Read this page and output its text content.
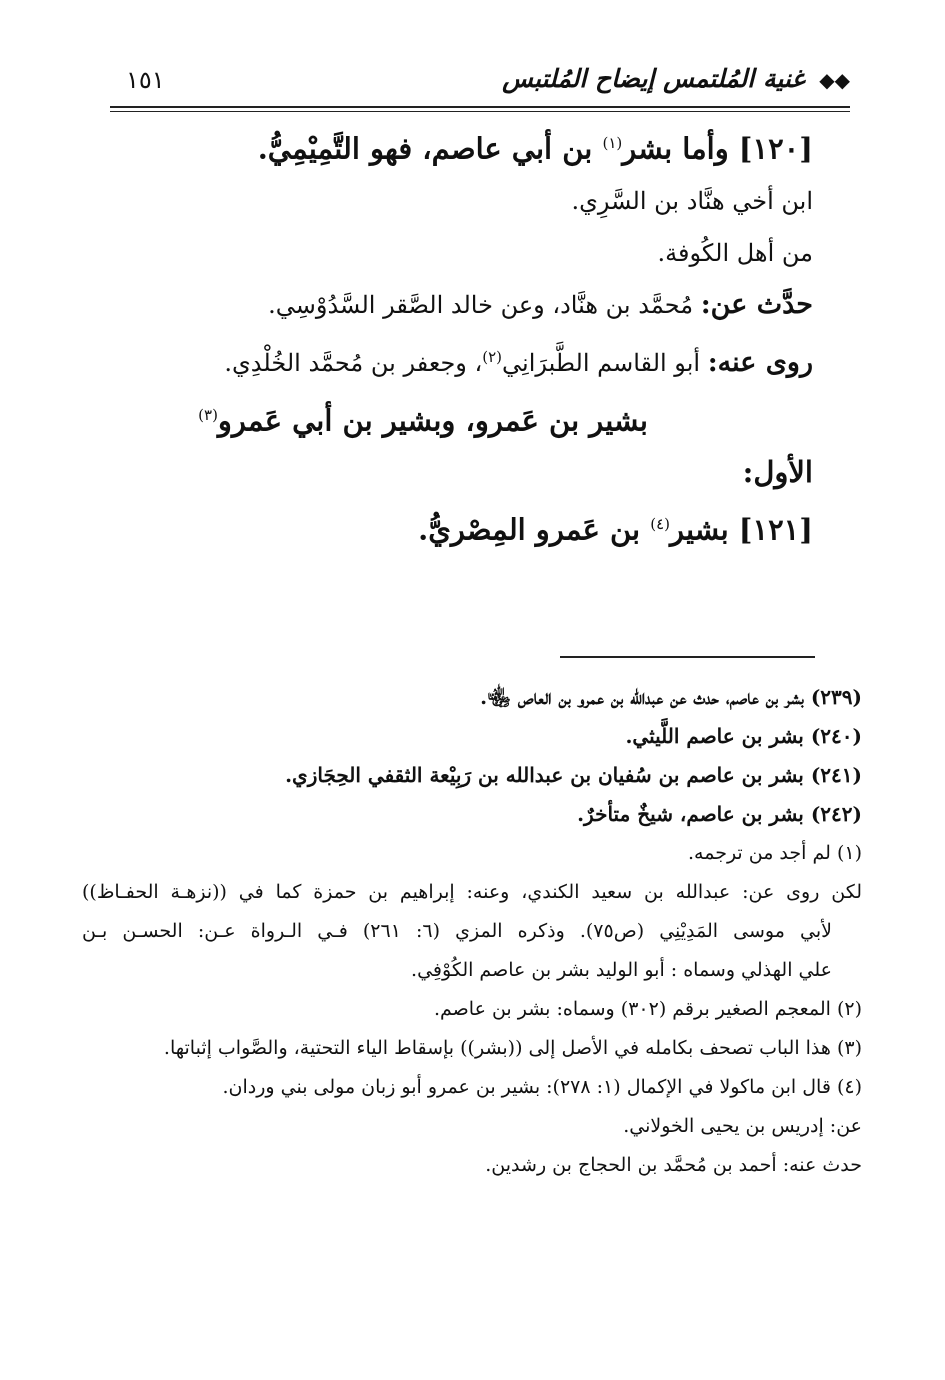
١٥١	◆◆ غنية المُلتمس إيضاح المُلتبس

[١٢٠] وأما بشر$^{(١)}$ بن أبي عاصم، فهو التَّمِيْمِيُّ.

ابن أخي هنَّاد بن السَّرِي.

من أهل الكُوفة.

حدَّث عن: مُحمَّد بن هنَّاد، وعن خالد الصَّقر السَّدُوْسِي.

روى عنه: أبو القاسم الطَّبرَانِي$^{(٢)}$، وجعفر بن مُحمَّد الخُلْدِي.

بشير بن عَمرو، وبشير بن أبي عَمرو$^{(٣)}$

الأول:

[١٢١] بشير$^{(٤)}$ بن عَمرو المِصْريُّ.

(٢٣٩) بشر بن عاصم، حدث عن عبدالله بن عمرو بن العاص ﵄.

(٢٤٠) بشر بن عاصم اللَّيثي.

(٢٤١) بشر بن عاصم بن سُفيان بن عبدالله بن رَبِيْعة الثقفي الحِجَازي.

(٢٤٢) بشر بن عاصم، شيخٌ متأخرٌ.

(١) لم أجد من ترجمه.

لكن روى عن: عبدالله بن سعيد الكندي، وعنه: إبراهيم بن حمزة كما في ((نزهـة الحفـاظ))

لأبي موسى المَدِيْنِي (ص٧٥). وذكره المزي (٦: ٢٦١) فـي الـرواة عـن: الحسـن بـن

علي الهذلي وسماه : أبو الوليد بشر بن عاصم الكُوْفِي.

(٢) المعجم الصغير برقم (٣٠٢) وسماه: بشر بن عاصم.

(٣) هذا الباب تصحف بكامله في الأصل إلى ((بشر)) بإسقاط الياء التحتية، والصَّواب إثباتها.

(٤) قال ابن ماكولا في الإكمال (١: ٢٧٨): بشير بن عمرو أبو زبان مولى بني وردان.

عن: إدريس بن يحيى الخولاني.

حدث عنه: أحمد بن مُحمَّد بن الحجاج بن رشدين.
